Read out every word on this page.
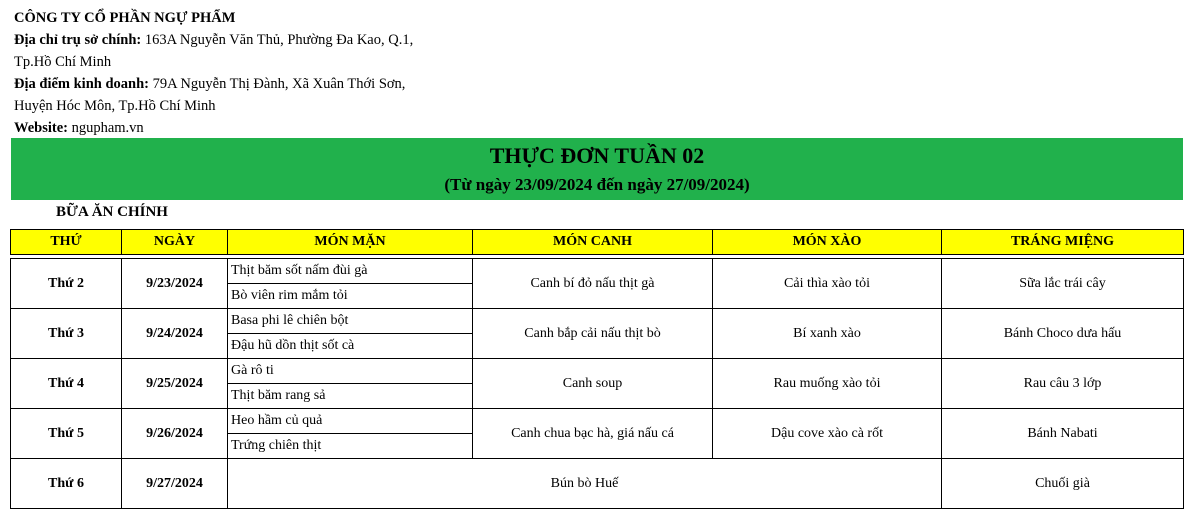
CÔNG TY CỔ PHẦN NGỰ PHẨM
Địa chỉ trụ sở chính: 163A Nguyễn Văn Thủ, Phường Đa Kao, Q.1,
Tp.Hồ Chí Minh
Địa điểm kinh doanh: 79A Nguyễn Thị Đành, Xã Xuân Thới Sơn,
Huyện Hóc Môn, Tp.Hồ Chí Minh
Website: ngupham.vn
THỰC ĐƠN TUẦN 02
(Từ ngày 23/09/2024 đến ngày 27/09/2024)
BỮA ĂN CHÍNH
THỨ	NGÀY	MÓN MẶN	MÓN CANH	MÓN XÀO	TRÁNG MIỆNG

Thứ 2	9/23/2024	Thịt băm sốt nấm đùi gà	Canh bí đỏ nấu thịt gà	Cải thìa xào tỏi	Sữa lắc trái cây
		Bò viên rim mắm tỏi			
Thứ 3	9/24/2024	Basa phi lê chiên bột	Canh bắp cải nấu thịt bò	Bí xanh xào	Bánh Choco dưa hấu
		Đậu hũ dồn thịt sốt cà			
Thứ 4	9/25/2024	Gà rô ti	Canh soup	Rau muống xào tỏi	Rau câu 3 lớp
		Thịt băm rang sả			
Thứ 5	9/26/2024	Heo hầm củ quả	Canh chua bạc hà, giá nấu cá	Dậu cove xào cà rốt	Bánh Nabati
		Trứng chiên thịt			
Thứ 6	9/27/2024	Bún bò Huế			Chuối già
